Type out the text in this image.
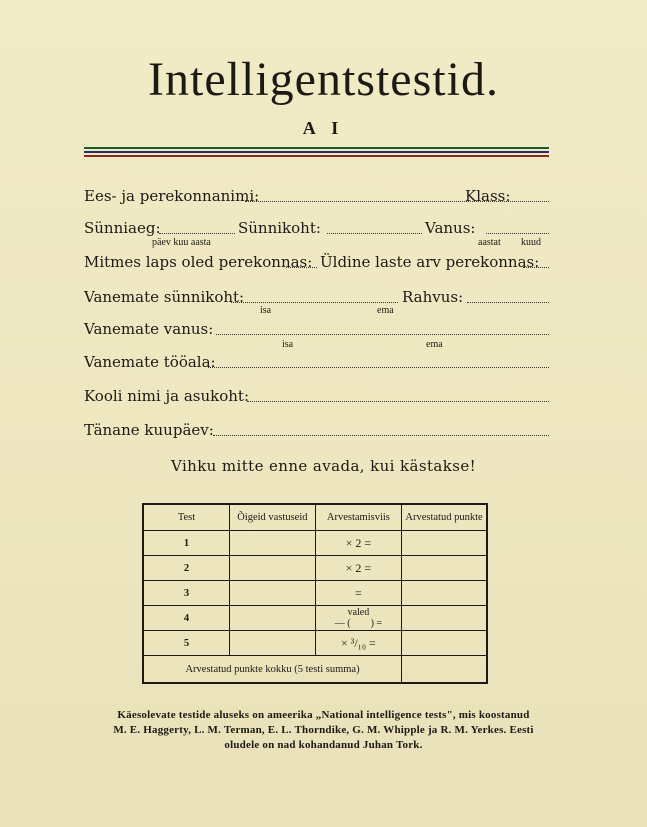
Intelligentstestid.
A I
Ees- ja perekonnanimi:	Klass:
Sünniaeg:	Sünnikoht:	Vanus:
päev kuu aasta	aastat kuud
Mitmes laps oled perekonnas: Üldine laste arv perekonnas:
Vanemate sünnikoht:	Rahvus:
isa	ema
Vanemate vanus:
isa	ema
Vanemate tööala:
Kooli nimi ja asukoht:
Tänane kuupäev:
Vihku mitte enne avada, kui kästakse!
Test	Õigeid vastuseid	Arvestamisviis	Arvestatud punkte
1		× 2 =	
2		× 2 =	
3		=	
4		valed
— (        ) =	

5		× ³/₁₀ =	
Arvestatud punkte kokku (5 testi summa)			
Käesolevate testide aluseks on ameerika „National intelligence tests", mis koostanud
M. E. Haggerty, L. M. Terman, E. L. Thorndike, G. M. Whipple ja R. M. Yerkes. Eesti
oludele on nad kohandanud Juhan Tork.
